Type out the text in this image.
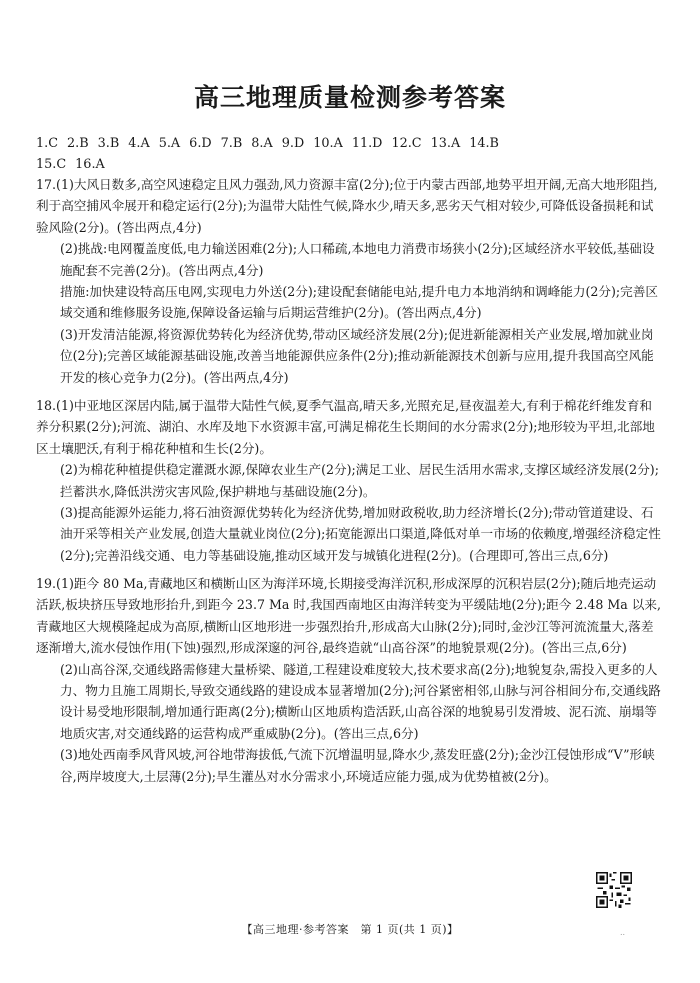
高三地理质量检测参考答案
1.C 2.B 3.B 4.A 5.A 6.D 7.B 8.A 9.D 10.A 11.D 12.C 13.A 14.B
15.C 16.A

17.(1)大风日数多,高空风速稳定且风力强劲,风力资源丰富(2分);位于内蒙古西部,地势平坦开阔,无高大地形阻挡,利于高空捕风伞展开和稳定运行(2分);为温带大陆性气候,降水少,晴天多,恶劣天气相对较少,可降低设备损耗和试验风险(2分)。(答出两点,4分)

(2)挑战:电网覆盖度低,电力输送困难(2分);人口稀疏,本地电力消费市场狭小(2分);区域经济水平较低,基础设施配套不完善(2分)。(答出两点,4分)

措施:加快建设特高压电网,实现电力外送(2分);建设配套储能电站,提升电力本地消纳和调峰能力(2分);完善区域交通和维修服务设施,保障设备运输与后期运营维护(2分)。(答出两点,4分)

(3)开发清洁能源,将资源优势转化为经济优势,带动区域经济发展(2分);促进新能源相关产业发展,增加就业岗位(2分);完善区域能源基础设施,改善当地能源供应条件(2分);推动新能源技术创新与应用,提升我国高空风能开发的核心竞争力(2分)。(答出两点,4分)

18.(1)中亚地区深居内陆,属于温带大陆性气候,夏季气温高,晴天多,光照充足,昼夜温差大,有利于棉花纤维发育和养分积累(2分);河流、湖泊、水库及地下水资源丰富,可满足棉花生长期间的水分需求(2分);地形较为平坦,北部地区土壤肥沃,有利于棉花种植和生长(2分)。

(2)为棉花种植提供稳定灌溉水源,保障农业生产(2分);满足工业、居民生活用水需求,支撑区域经济发展(2分);拦蓄洪水,降低洪涝灾害风险,保护耕地与基础设施(2分)。

(3)提高能源外运能力,将石油资源优势转化为经济优势,增加财政税收,助力经济增长(2分);带动管道建设、石油开采等相关产业发展,创造大量就业岗位(2分);拓宽能源出口渠道,降低对单一市场的依赖度,增强经济稳定性(2分);完善沿线交通、电力等基础设施,推动区域开发与城镇化进程(2分)。(合理即可,答出三点,6分)

19.(1)距今 80 Ma,青藏地区和横断山区为海洋环境,长期接受海洋沉积,形成深厚的沉积岩层(2分);随后地壳运动活跃,板块挤压导致地形抬升,到距今 23.7 Ma 时,我国西南地区由海洋转变为平缓陆地(2分);距今 2.48 Ma 以来,青藏地区大规模隆起成为高原,横断山区地形进一步强烈抬升,形成高大山脉(2分);同时,金沙江等河流流量大,落差逐渐增大,流水侵蚀作用(下蚀)强烈,形成深邃的河谷,最终造就“山高谷深”的地貌景观(2分)。(答出三点,6分)

(2)山高谷深,交通线路需修建大量桥梁、隧道,工程建设难度较大,技术要求高(2分);地貌复杂,需投入更多的人力、物力且施工周期长,导致交通线路的建设成本显著增加(2分);河谷紧密相邻,山脉与河谷相间分布,交通线路设计易受地形限制,增加通行距离(2分);横断山区地质构造活跃,山高谷深的地貌易引发滑坡、泥石流、崩塌等地质灾害,对交通线路的运营构成严重威胁(2分)。(答出三点,6分)

(3)地处西南季风背风坡,河谷地带海拔低,气流下沉增温明显,降水少,蒸发旺盛(2分);金沙江侵蚀形成“V”形峡谷,两岸坡度大,土层薄(2分);旱生灌丛对水分需求小,环境适应能力强,成为优势植被(2分)。

【高三地理·参考答案　第 1 页(共 1 页)】	..
